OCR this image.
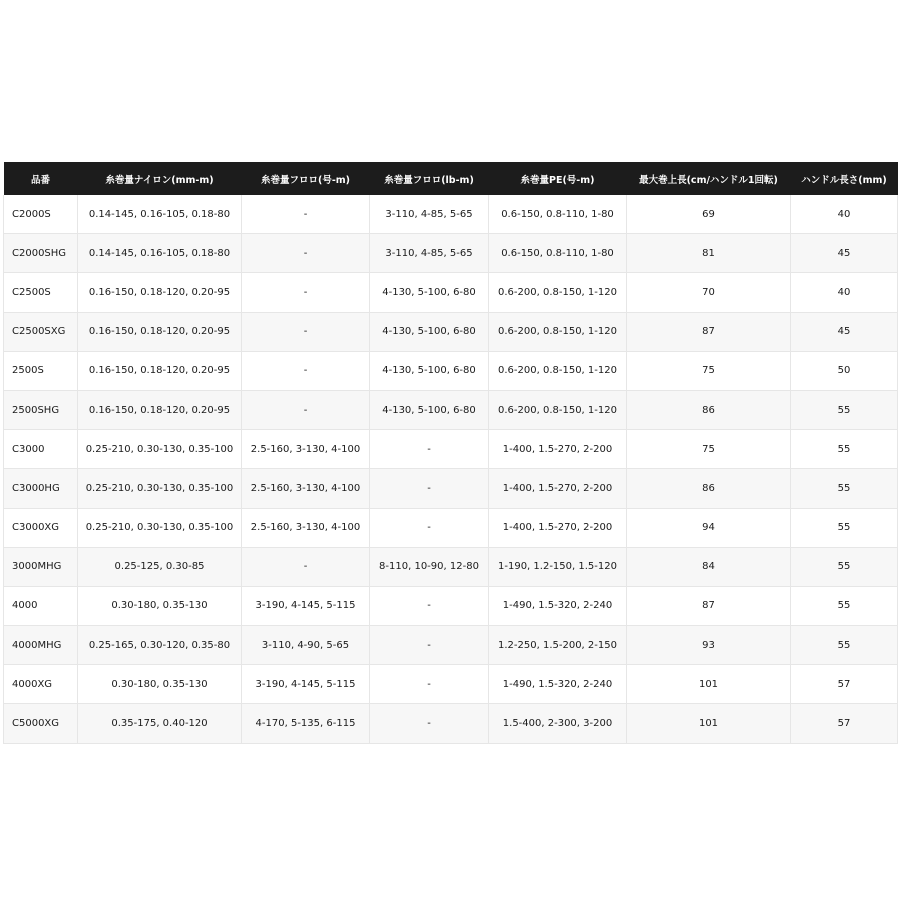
品番	糸巻量ナイロン(mm-m)	糸巻量フロロ(号-m)	糸巻量フロロ(lb-m)	糸巻量PE(号-m)	最大巻上長(cm/ハンドル1回転)	ハンドル長さ(mm)
C2000S	0.14-145, 0.16-105, 0.18-80	-	3-110, 4-85, 5-65	0.6-150, 0.8-110, 1-80	69	40
C2000SHG	0.14-145, 0.16-105, 0.18-80	-	3-110, 4-85, 5-65	0.6-150, 0.8-110, 1-80	81	45
C2500S	0.16-150, 0.18-120, 0.20-95	-	4-130, 5-100, 6-80	0.6-200, 0.8-150, 1-120	70	40
C2500SXG	0.16-150, 0.18-120, 0.20-95	-	4-130, 5-100, 6-80	0.6-200, 0.8-150, 1-120	87	45
2500S	0.16-150, 0.18-120, 0.20-95	-	4-130, 5-100, 6-80	0.6-200, 0.8-150, 1-120	75	50
2500SHG	0.16-150, 0.18-120, 0.20-95	-	4-130, 5-100, 6-80	0.6-200, 0.8-150, 1-120	86	55
C3000	0.25-210, 0.30-130, 0.35-100	2.5-160, 3-130, 4-100	-	1-400, 1.5-270, 2-200	75	55
C3000HG	0.25-210, 0.30-130, 0.35-100	2.5-160, 3-130, 4-100	-	1-400, 1.5-270, 2-200	86	55
C3000XG	0.25-210, 0.30-130, 0.35-100	2.5-160, 3-130, 4-100	-	1-400, 1.5-270, 2-200	94	55
3000MHG	0.25-125, 0.30-85	-	8-110, 10-90, 12-80	1-190, 1.2-150, 1.5-120	84	55
4000	0.30-180, 0.35-130	3-190, 4-145, 5-115	-	1-490, 1.5-320, 2-240	87	55
4000MHG	0.25-165, 0.30-120, 0.35-80	3-110, 4-90, 5-65	-	1.2-250, 1.5-200, 2-150	93	55
4000XG	0.30-180, 0.35-130	3-190, 4-145, 5-115	-	1-490, 1.5-320, 2-240	101	57
C5000XG	0.35-175, 0.40-120	4-170, 5-135, 6-115	-	1.5-400, 2-300, 3-200	101	57
